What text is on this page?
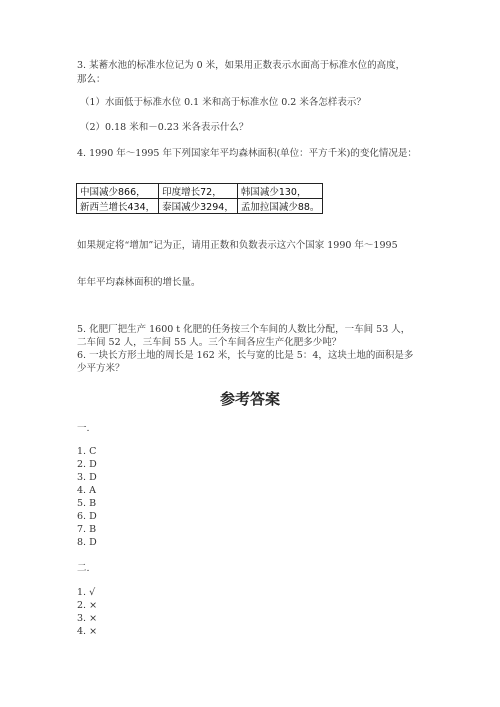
3. 某蓄水池的标准水位记为 0 米，如果用正数表示水面高于标准水位的高度，
那么：
（1）水面低于标准水位 0.1 米和高于标准水位 0.2 米各怎样表示？
（2）0.18 米和－0.23 米各表示什么？
4. 1990 年～1995 年下列国家年平均森林面积(单位：平方千米)的变化情况是：
中国减少866，	印度增长72，	韩国减少130，
新西兰增长434，	泰国减少3294，	孟加拉国减少88。
如果规定将“增加”记为正，请用正数和负数表示这六个国家 1990 年～1995
年年平均森林面积的增长量。
5. 化肥厂把生产 1600 t 化肥的任务按三个车间的人数比分配，一车间 53 人，
二车间 52 人，三车间 55 人。三个车间各应生产化肥多少吨？
6. 一块长方形土地的周长是 162 米，长与宽的比是 5：4，这块土地的面积是多
少平方米？
参考答案
一.
1. C
2. D
3. D
4. A
5. B
6. D
7. B
8. D
二.
1. √
2. ×
3. ×
4. ×
